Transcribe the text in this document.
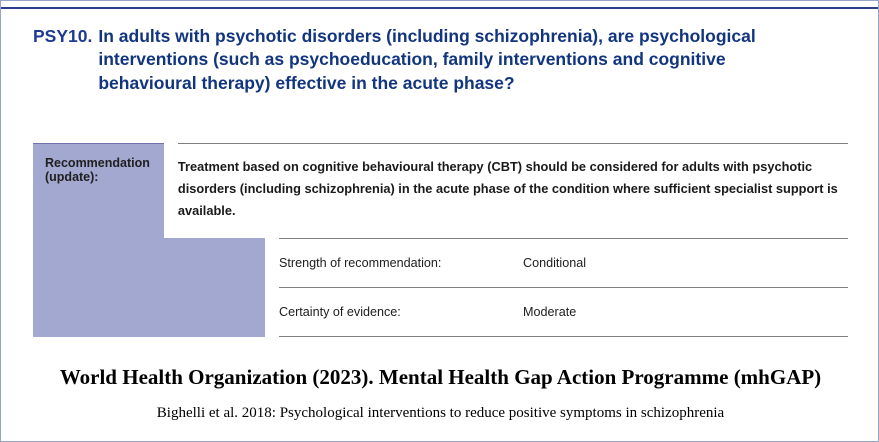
PSY10. In adults with psychotic disorders (including schizophrenia), are psychological interventions (such as psychoeducation, family interventions and cognitive behavioural therapy) effective in the acute phase?
Recommendation (update):
Treatment based on cognitive behavioural therapy (CBT) should be considered for adults with psychotic disorders (including schizophrenia) in the acute phase of the condition where sufficient specialist support is available.
Strength of recommendation:	Conditional
Certainty of evidence:	Moderate
World Health Organization (2023). Mental Health Gap Action Programme (mhGAP)
Bighelli et al. 2018: Psychological interventions to reduce positive symptoms in schizophrenia
